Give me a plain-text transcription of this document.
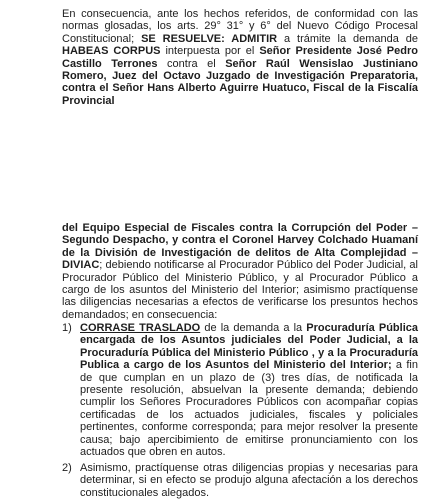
En consecuencia, ante los hechos referidos, de conformidad con las normas glosadas, los arts. 29° 31° y 6° del Nuevo Código Procesal Constitucional; SE RESUELVE: ADMITIR a trámite la demanda de HABEAS CORPUS interpuesta por el Señor Presidente José Pedro Castillo Terrones contra el Señor Raúl Wensislao Justiniano Romero, Juez del Octavo Juzgado de Investigación Preparatoria, contra el Señor Hans Alberto Aguirre Huatuco, Fiscal de la Fiscalía Provincial

del Equipo Especial de Fiscales contra la Corrupción del Poder – Segundo Despacho, y contra el Coronel Harvey Colchado Huamaní de la División de Investigación de delitos de Alta Complejidad – DIVIAC; debiendo notificarse al Procurador Público del Poder Judicial, al Procurador Público del Ministerio Público, y al Procurador Público a cargo de los asuntos del Ministerio del Interior; asimismo practíquense las diligencias necesarias a efectos de verificarse los presuntos hechos demandados; en consecuencia:

1) CORRASE TRASLADO de la demanda a la Procuraduría Pública encargada de los Asuntos judiciales del Poder Judicial, a la Procuraduría Pública del Ministerio Público , y a la Procuraduría Publica a cargo de los Asuntos del Ministerio del Interior; a fin de que cumplan en un plazo de (3) tres días, de notificada la presente resolución, absuelvan la presente demanda; debiendo cumplir los Señores Procuradores Públicos con acompañar copias certificadas de los actuados judiciales, fiscales y policiales pertinentes, conforme corresponda; para mejor resolver la presente causa; bajo apercibimiento de emitirse pronunciamiento con los actuados que obren en autos.
2) Asimismo, practíquense otras diligencias propias y necesarias para determinar, si en efecto se produjo alguna afectación a los derechos constitucionales alegados.
